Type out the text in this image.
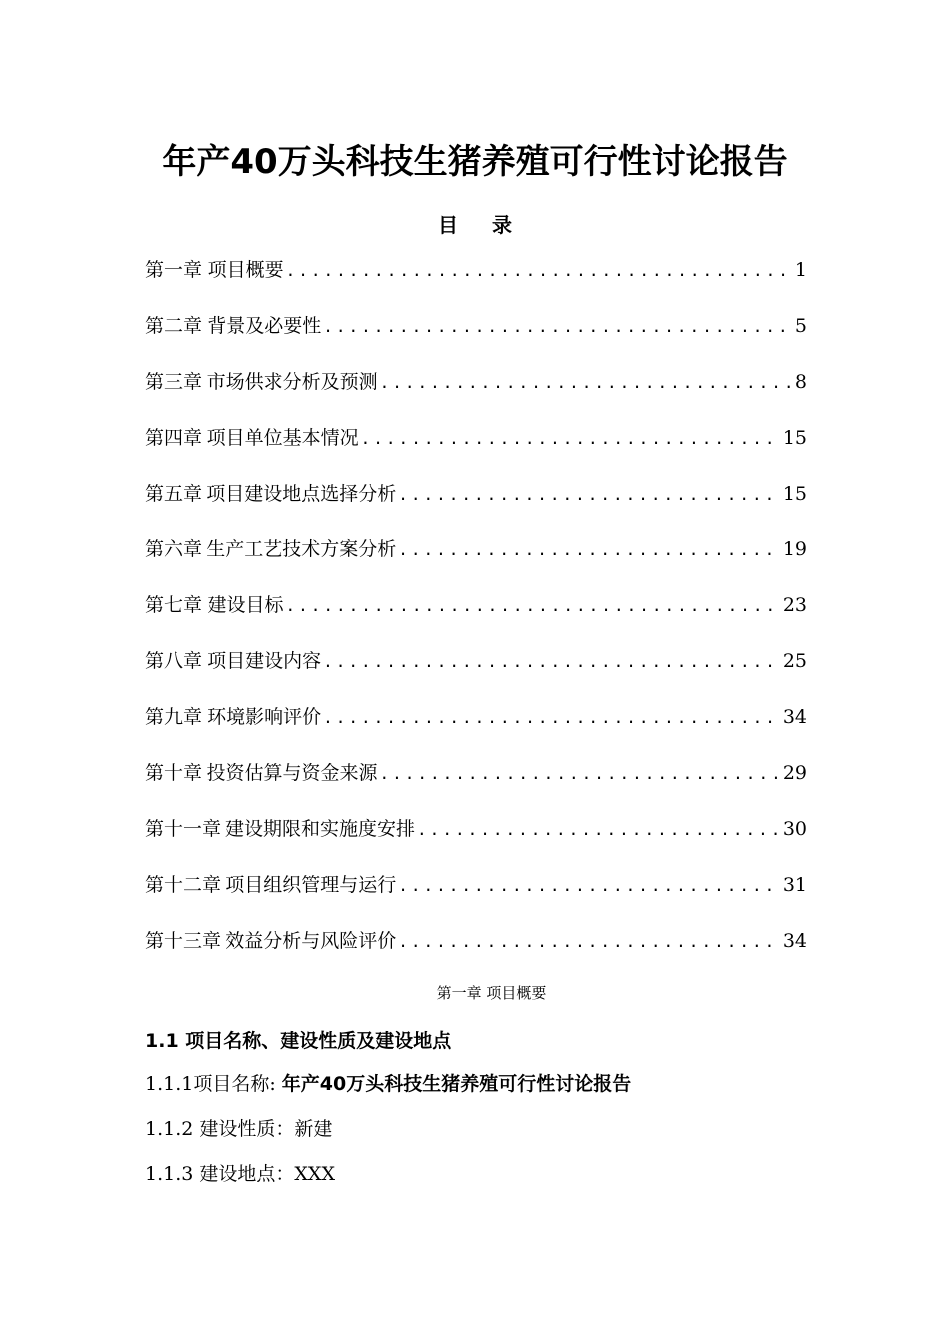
年产40万头科技生猪养殖可行性讨论报告
目 录
第一章 项目概要 .....	1
第二章 背景及必要性 .....	5
第三章 市场供求分析及预测 .....	8
第四章 项目单位基本情况 .....	15
第五章 项目建设地点选择分析 .....	15
第六章 生产工艺技术方案分析 .....	19
第七章 建设目标 .....	23
第八章 项目建设内容 .....	25
第九章 环境影响评价 .....	34
第十章 投资估算与资金来源 .....	29
第十一章 建设期限和实施度安排 .....	30
第十二章 项目组织管理与运行 .....	31
第十三章 效益分析与风险评价 .....	34
第一章 项目概要
1.1 项目名称、建设性质及建设地点
1.1.1项目名称: 年产40万头科技生猪养殖可行性讨论报告
1.1.2 建设性质：新建
1.1.3 建设地点：XXX
